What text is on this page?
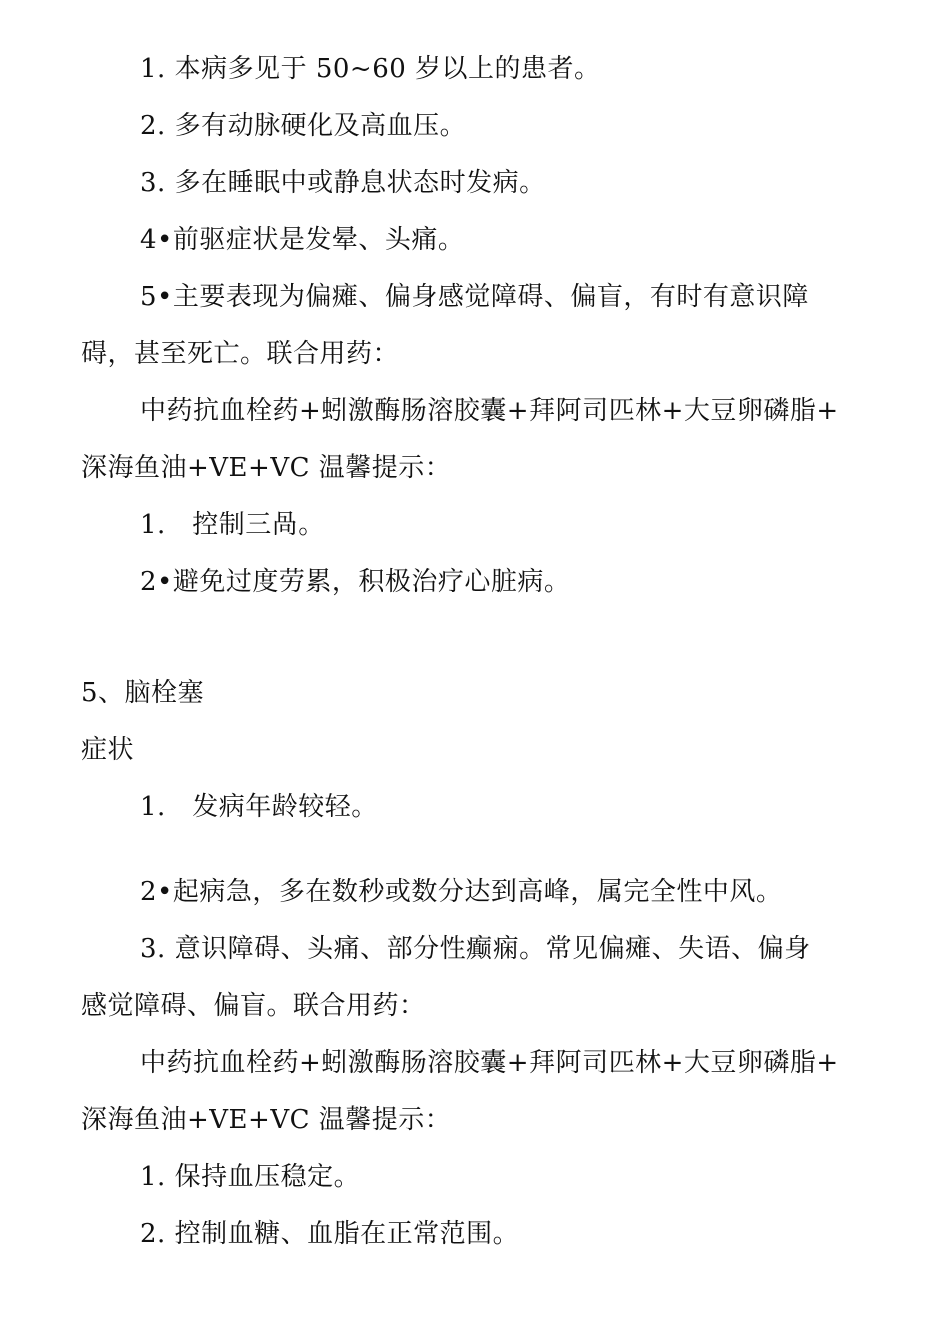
1. 本病多见于 50~60 岁以上的患者。
2. 多有动脉硬化及高血压。
3. 多在睡眠中或静息状态时发病。
4•前驱症状是发晕、头痛。
5•主要表现为偏瘫、偏身感觉障碍、偏盲，有时有意识障
碍，甚至死亡。联合用药：
中药抗血栓药+蚓激酶肠溶胶囊+拜阿司匹林+大豆卵磷脂+
深海鱼油+VE+VC 温馨提示：
1.　控制三咼。
2•避免过度劳累，积极治疗心脏病。
5、脑栓塞
症状
1.　发病年龄较轻。
2•起病急，多在数秒或数分达到高峰，属完全性中风。
3. 意识障碍、头痛、部分性癫痫。常见偏瘫、失语、偏身
感觉障碍、偏盲。联合用药：
中药抗血栓药+蚓激酶肠溶胶囊+拜阿司匹林+大豆卵磷脂+
深海鱼油+VE+VC 温馨提示：
1. 保持血压稳定。
2. 控制血糖、血脂在正常范围。
